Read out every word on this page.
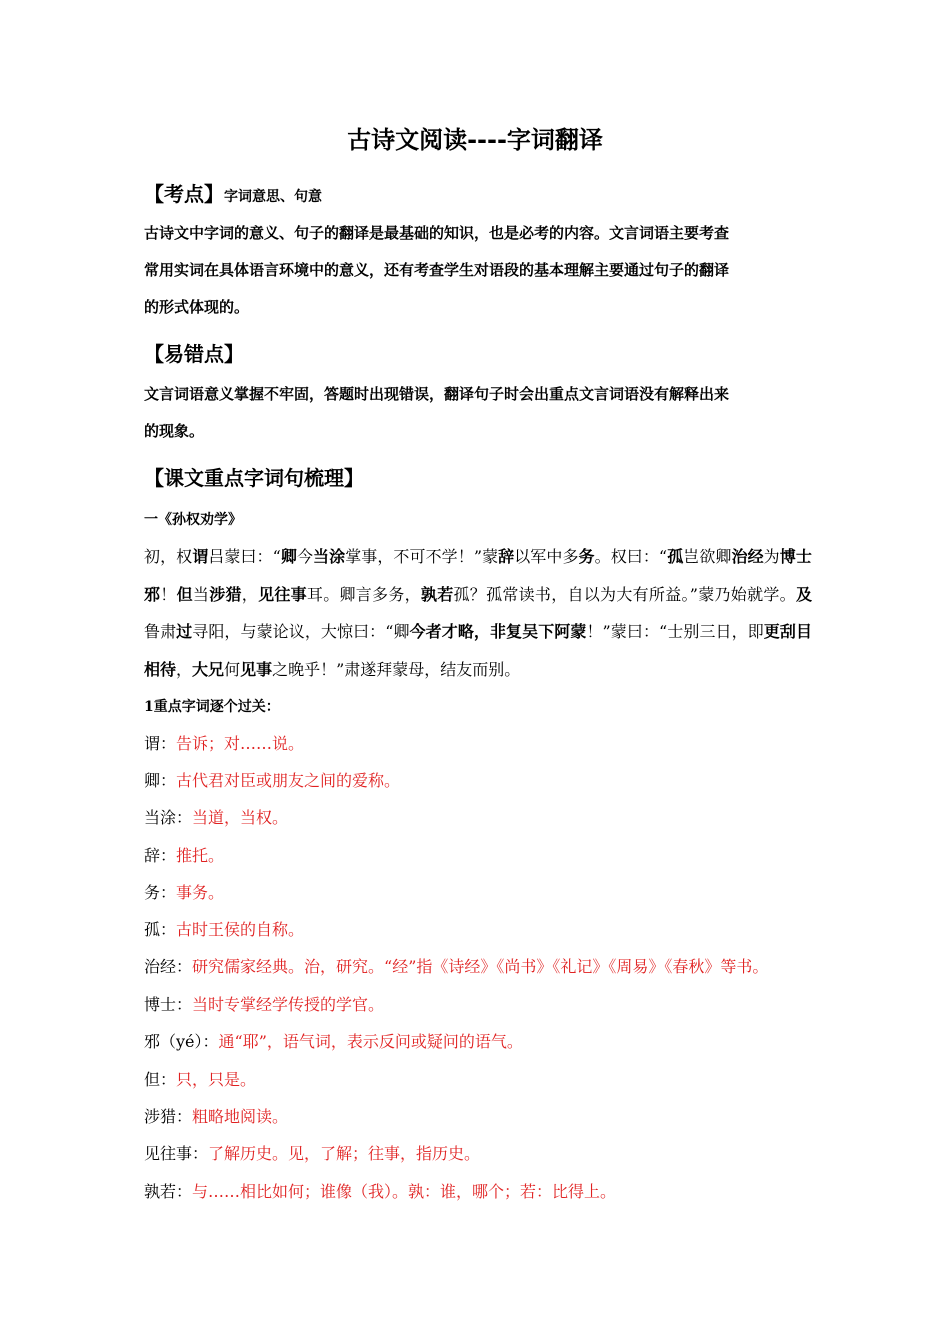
古诗文阅读----字词翻译
【考点】字词意思、句意
古诗文中字词的意义、句子的翻译是最基础的知识，也是必考的内容。文言词语主要考查
常用实词在具体语言环境中的意义，还有考查学生对语段的基本理解主要通过句子的翻译
的形式体现的。
【易错点】
文言词语意义掌握不牢固，答题时出现错误，翻译句子时会出重点文言词语没有解释出来
的现象。
【课文重点字词句梳理】
一《孙权劝学》
初，权谓吕蒙曰：“卿今当涂掌事，不可不学！”蒙辞以军中多务。权曰：“孤岂欲卿治经为博士邪！但当涉猎，见往事耳。卿言多务，孰若孤？孤常读书，自以为大有所益。”蒙乃始就学。及鲁肃过寻阳，与蒙论议，大惊曰：“卿今者才略，非复吴下阿蒙！”蒙曰：“士别三日，即更刮目相待，大兄何见事之晚乎！”肃遂拜蒙母，结友而别。
1重点字词逐个过关：
谓：告诉；对……说。
卿：古代君对臣或朋友之间的爱称。
当涂：当道，当权。
辞：推托。
务：事务。
孤：古时王侯的自称。
治经：研究儒家经典。治，研究。“经”指《诗经》《尚书》《礼记》《周易》《春秋》等书。
博士：当时专掌经学传授的学官。
邪（yé）：通“耶”，语气词，表示反问或疑问的语气。
但：只，只是。
涉猎：粗略地阅读。
见往事：了解历史。见，了解；往事，指历史。
孰若：与……相比如何；谁像（我）。孰：谁，哪个；若：比得上。
